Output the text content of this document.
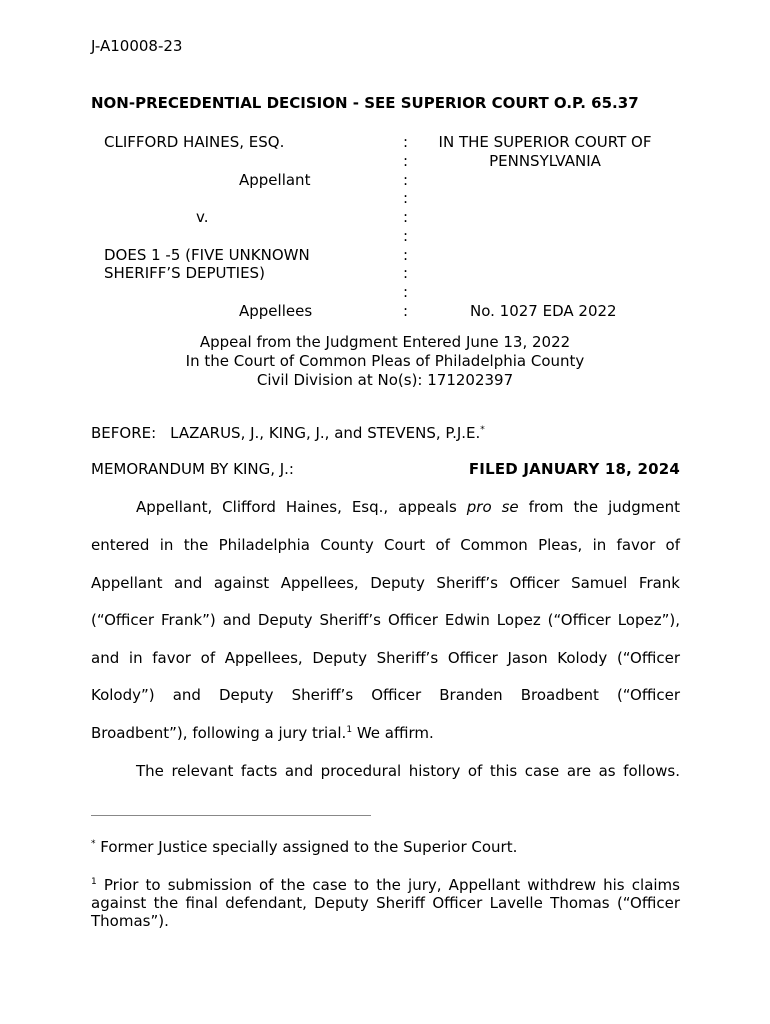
J-A10008-23
NON-PRECEDENTIAL DECISION - SEE SUPERIOR COURT O.P. 65.37
CLIFFORD HAINES, ESQ.
Appellant
v.
DOES 1 -5 (FIVE UNKNOWN
SHERIFF’S DEPUTIES)
Appellees
:
:
:
:
:
:
:
:
:
:
IN THE SUPERIOR COURT OF
PENNSYLVANIA
No. 1027 EDA 2022
Appeal from the Judgment Entered June 13, 2022
In the Court of Common Pleas of Philadelphia County
Civil Division at No(s): 171202397
BEFORE: LAZARUS, J., KING, J., and STEVENS, P.J.E.*
MEMORANDUM BY KING, J.:	FILED JANUARY 18, 2024
Appellant, Clifford Haines, Esq., appeals pro se from the judgment
entered in the Philadelphia County Court of Common Pleas, in favor of
Appellant and against Appellees, Deputy Sheriff’s Officer Samuel Frank
(“Officer Frank”) and Deputy Sheriff’s Officer Edwin Lopez (“Officer Lopez”),
and in favor of Appellees, Deputy Sheriff’s Officer Jason Kolody (“Officer
Kolody”) and Deputy Sheriff’s Officer Branden Broadbent (“Officer
Broadbent”), following a jury trial.$^1$ We affirm.
The relevant facts and procedural history of this case are as follows.
* Former Justice specially assigned to the Superior Court.
$^1$ Prior to submission of the case to the jury, Appellant withdrew his claims against the final defendant, Deputy Sheriff Officer Lavelle Thomas (“Officer Thomas”).
